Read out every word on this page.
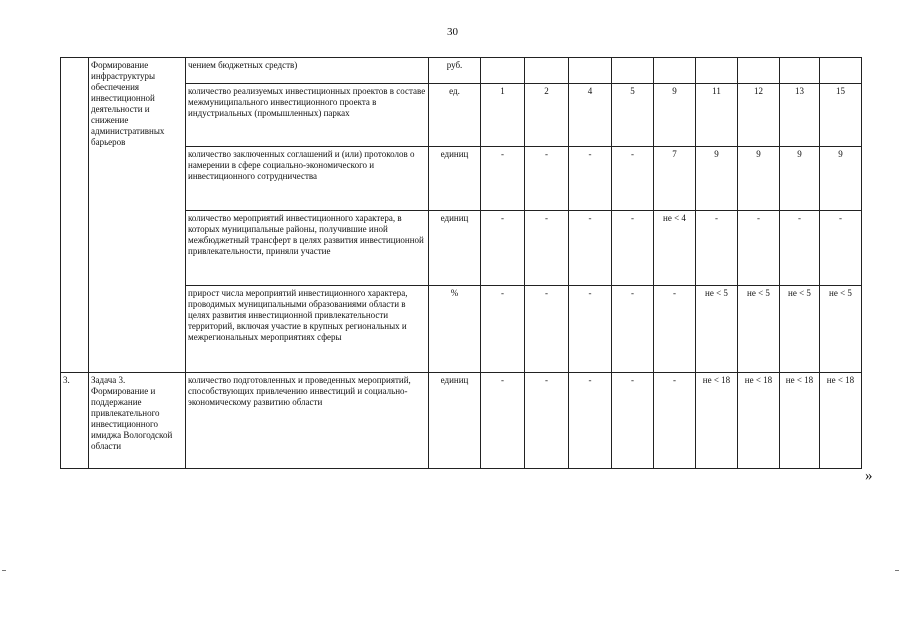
30
	Формирование инфраструктуры обеспечения инвестиционной деятельности и снижение административных барьеров	чением бюджетных средств)	руб.									
		количество реализуемых инвестиционных проектов в составе межмуниципального инвестиционного проекта в индустриальных (промышленных) парках	ед.	1	2	4	5	9	11	12	13	15
		количество заключенных соглашений и (или) протоколов о намерении в сфере социально-экономического и инвестиционного сотрудничества	единиц	-	-	-	-	7	9	9	9	9
		количество мероприятий инвестиционного характера, в которых муниципальные районы, получившие иной межбюджетный трансферт в целях развития инвестиционной привлекательности, приняли участие	единиц	-	-	-	-	не < 4	-	-	-	-
		прирост числа мероприятий инвестиционного характера, проводимых муниципальными образованиями области в целях развития инвестиционной привлекательности территорий, включая участие в крупных региональных и межрегиональных мероприятиях сферы	%	-	-	-	-	-	не < 5	не < 5	не < 5	не < 5
3.	Задача 3. Формирование и поддержание привлекательного инвестиционного имиджа Вологодской области	количество подготовленных и проведенных мероприятий, способствующих привлечению инвестиций и социально-экономическому развитию области	единиц	-	-	-	-	-	не < 18	не < 18	не < 18	не < 18
»
